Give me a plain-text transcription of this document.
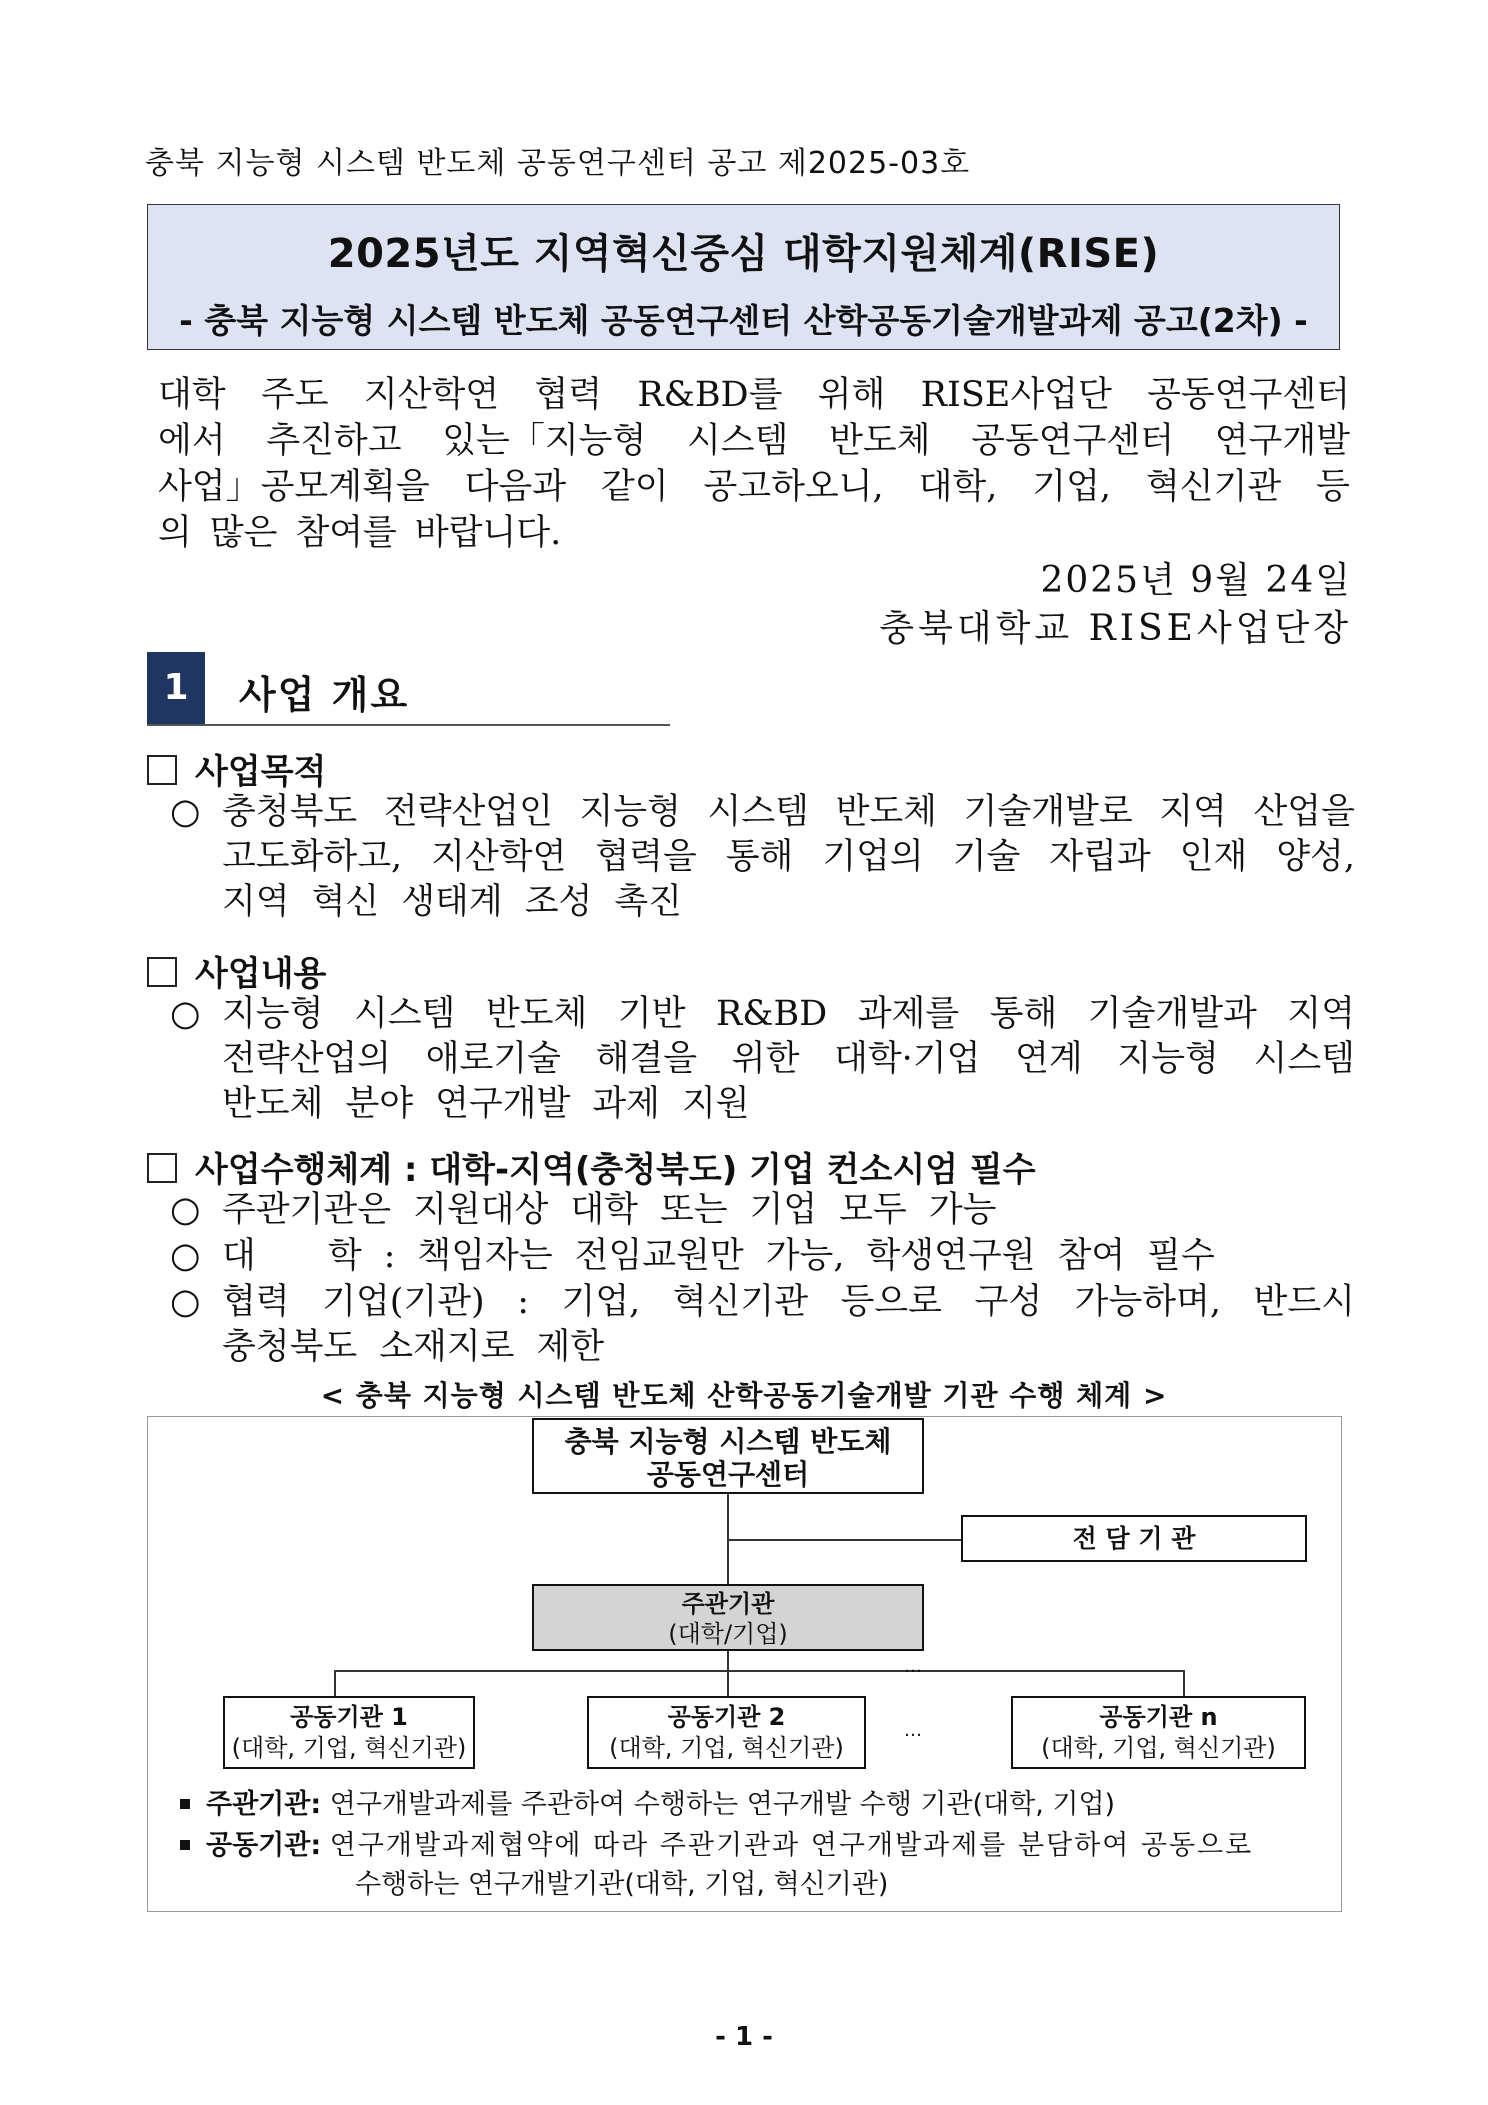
충북 지능형 시스템 반도체 공동연구센터 공고 제2025-03호
2025년도 지역혁신중심 대학지원체계(RISE)
- 충북 지능형 시스템 반도체 공동연구센터 산학공동기술개발과제 공고(2차) -
대학 주도 지산학연 협력 R&BD를 위해 RISE사업단 공동연구센터
에서 추진하고 있는「지능형 시스템 반도체 공동연구센터 연구개발
사업」공모계획을 다음과 같이 공고하오니, 대학, 기업, 혁신기관 등
의 많은 참여를 바랍니다.
2025년 9월 24일
충북대학교 RISE사업단장
1	사업 개요
사업목적
○ 충청북도 전략산업인 지능형 시스템 반도체 기술개발로 지역 산업을
고도화하고, 지산학연 협력을 통해 기업의 기술 자립과 인재 양성,
지역 혁신 생태계 조성 촉진
사업내용
○ 지능형 시스템 반도체 기반 R&BD 과제를 통해 기술개발과 지역
전략산업의 애로기술 해결을 위한 대학·기업 연계 지능형 시스템
반도체 분야 연구개발 과제 지원
사업수행체계 : 대학-지역(충청북도) 기업 컨소시엄 필수
○ 주관기관은 지원대상 대학 또는 기업 모두 가능
○ 대 학 : 책임자는 전임교원만 가능, 학생연구원 참여 필수
○ 협력 기업(기관) : 기업, 혁신기관 등으로 구성 가능하며, 반드시
충청북도 소재지로 제한
< 충북 지능형 시스템 반도체 산학공동기술개발 기관 수행 체계 >
충북 지능형 시스템 반도체
공동연구센터
전 담 기 관
주관기관
(대학/기업)
…
공동기관 1
(대학, 기업, 혁신기관)
공동기관 2
(대학, 기업, 혁신기관)
…	공동기관 n
(대학, 기업, 혁신기관)
주관기관: 연구개발과제를 주관하여 수행하는 연구개발 수행 기관(대학, 기업)
공동기관: 연구개발과제협약에 따라 주관기관과 연구개발과제를 분담하여 공동으로
수행하는 연구개발기관(대학, 기업, 혁신기관)
- 1 -
